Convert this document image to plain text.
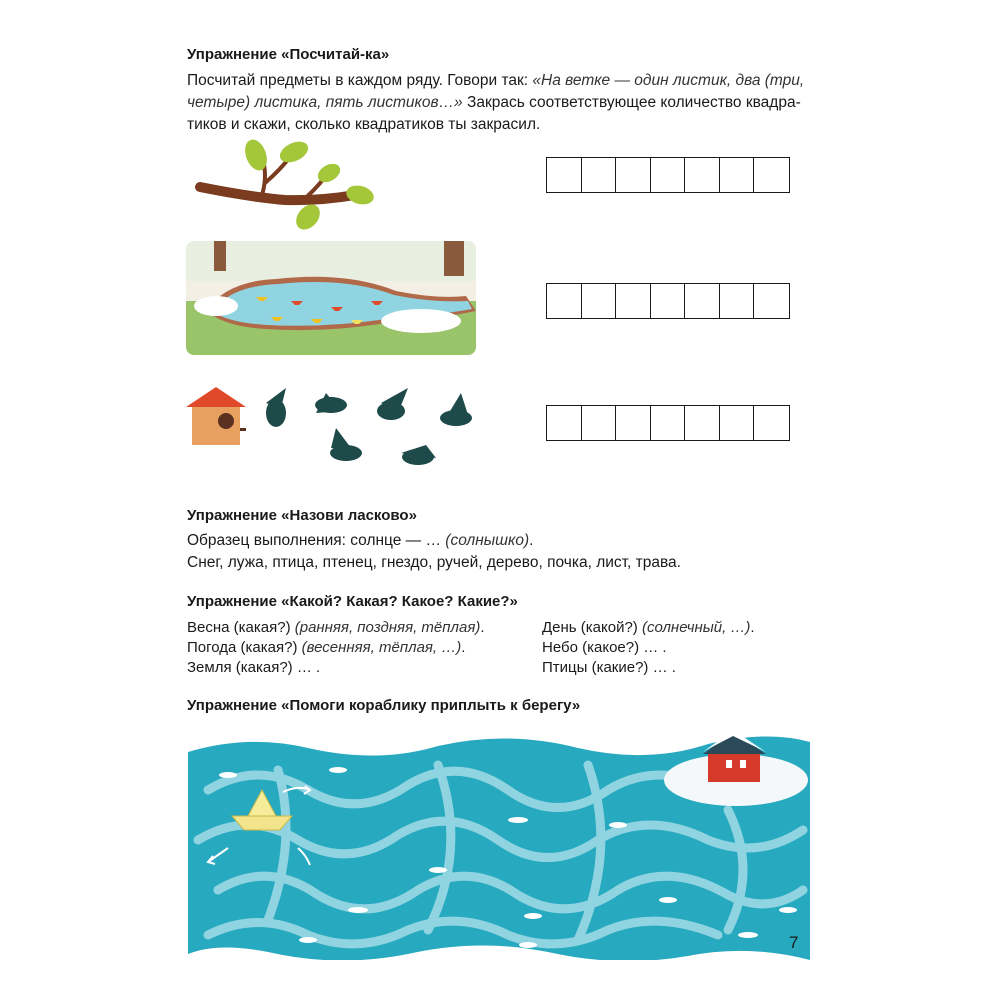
Упражнение «Посчитай-ка»
Посчитай предметы в каждом ряду. Говори так: «На ветке — один листик, два (три,
четыре) листика, пять листиков…» Закрась соответствующее количество квадра-
тиков и скажи, сколько квадратиков ты закрасил.
Упражнение «Назови ласково»
Образец выполнения: солнце — … (солнышко).
Снег, лужа, птица, птенец, гнездо, ручей, дерево, почка, лист, трава.
Упражнение «Какой? Какая? Какое? Какие?»
Весна (какая?) (ранняя, поздняя, тёплая).
Погода (какая?) (весенняя, тёплая, …).
Земля (какая?) … .
День (какой?) (солнечный, …).
Небо (какое?) … .
Птицы (какие?) … .
Упражнение «Помоги кораблику приплыть к берегу»
7
